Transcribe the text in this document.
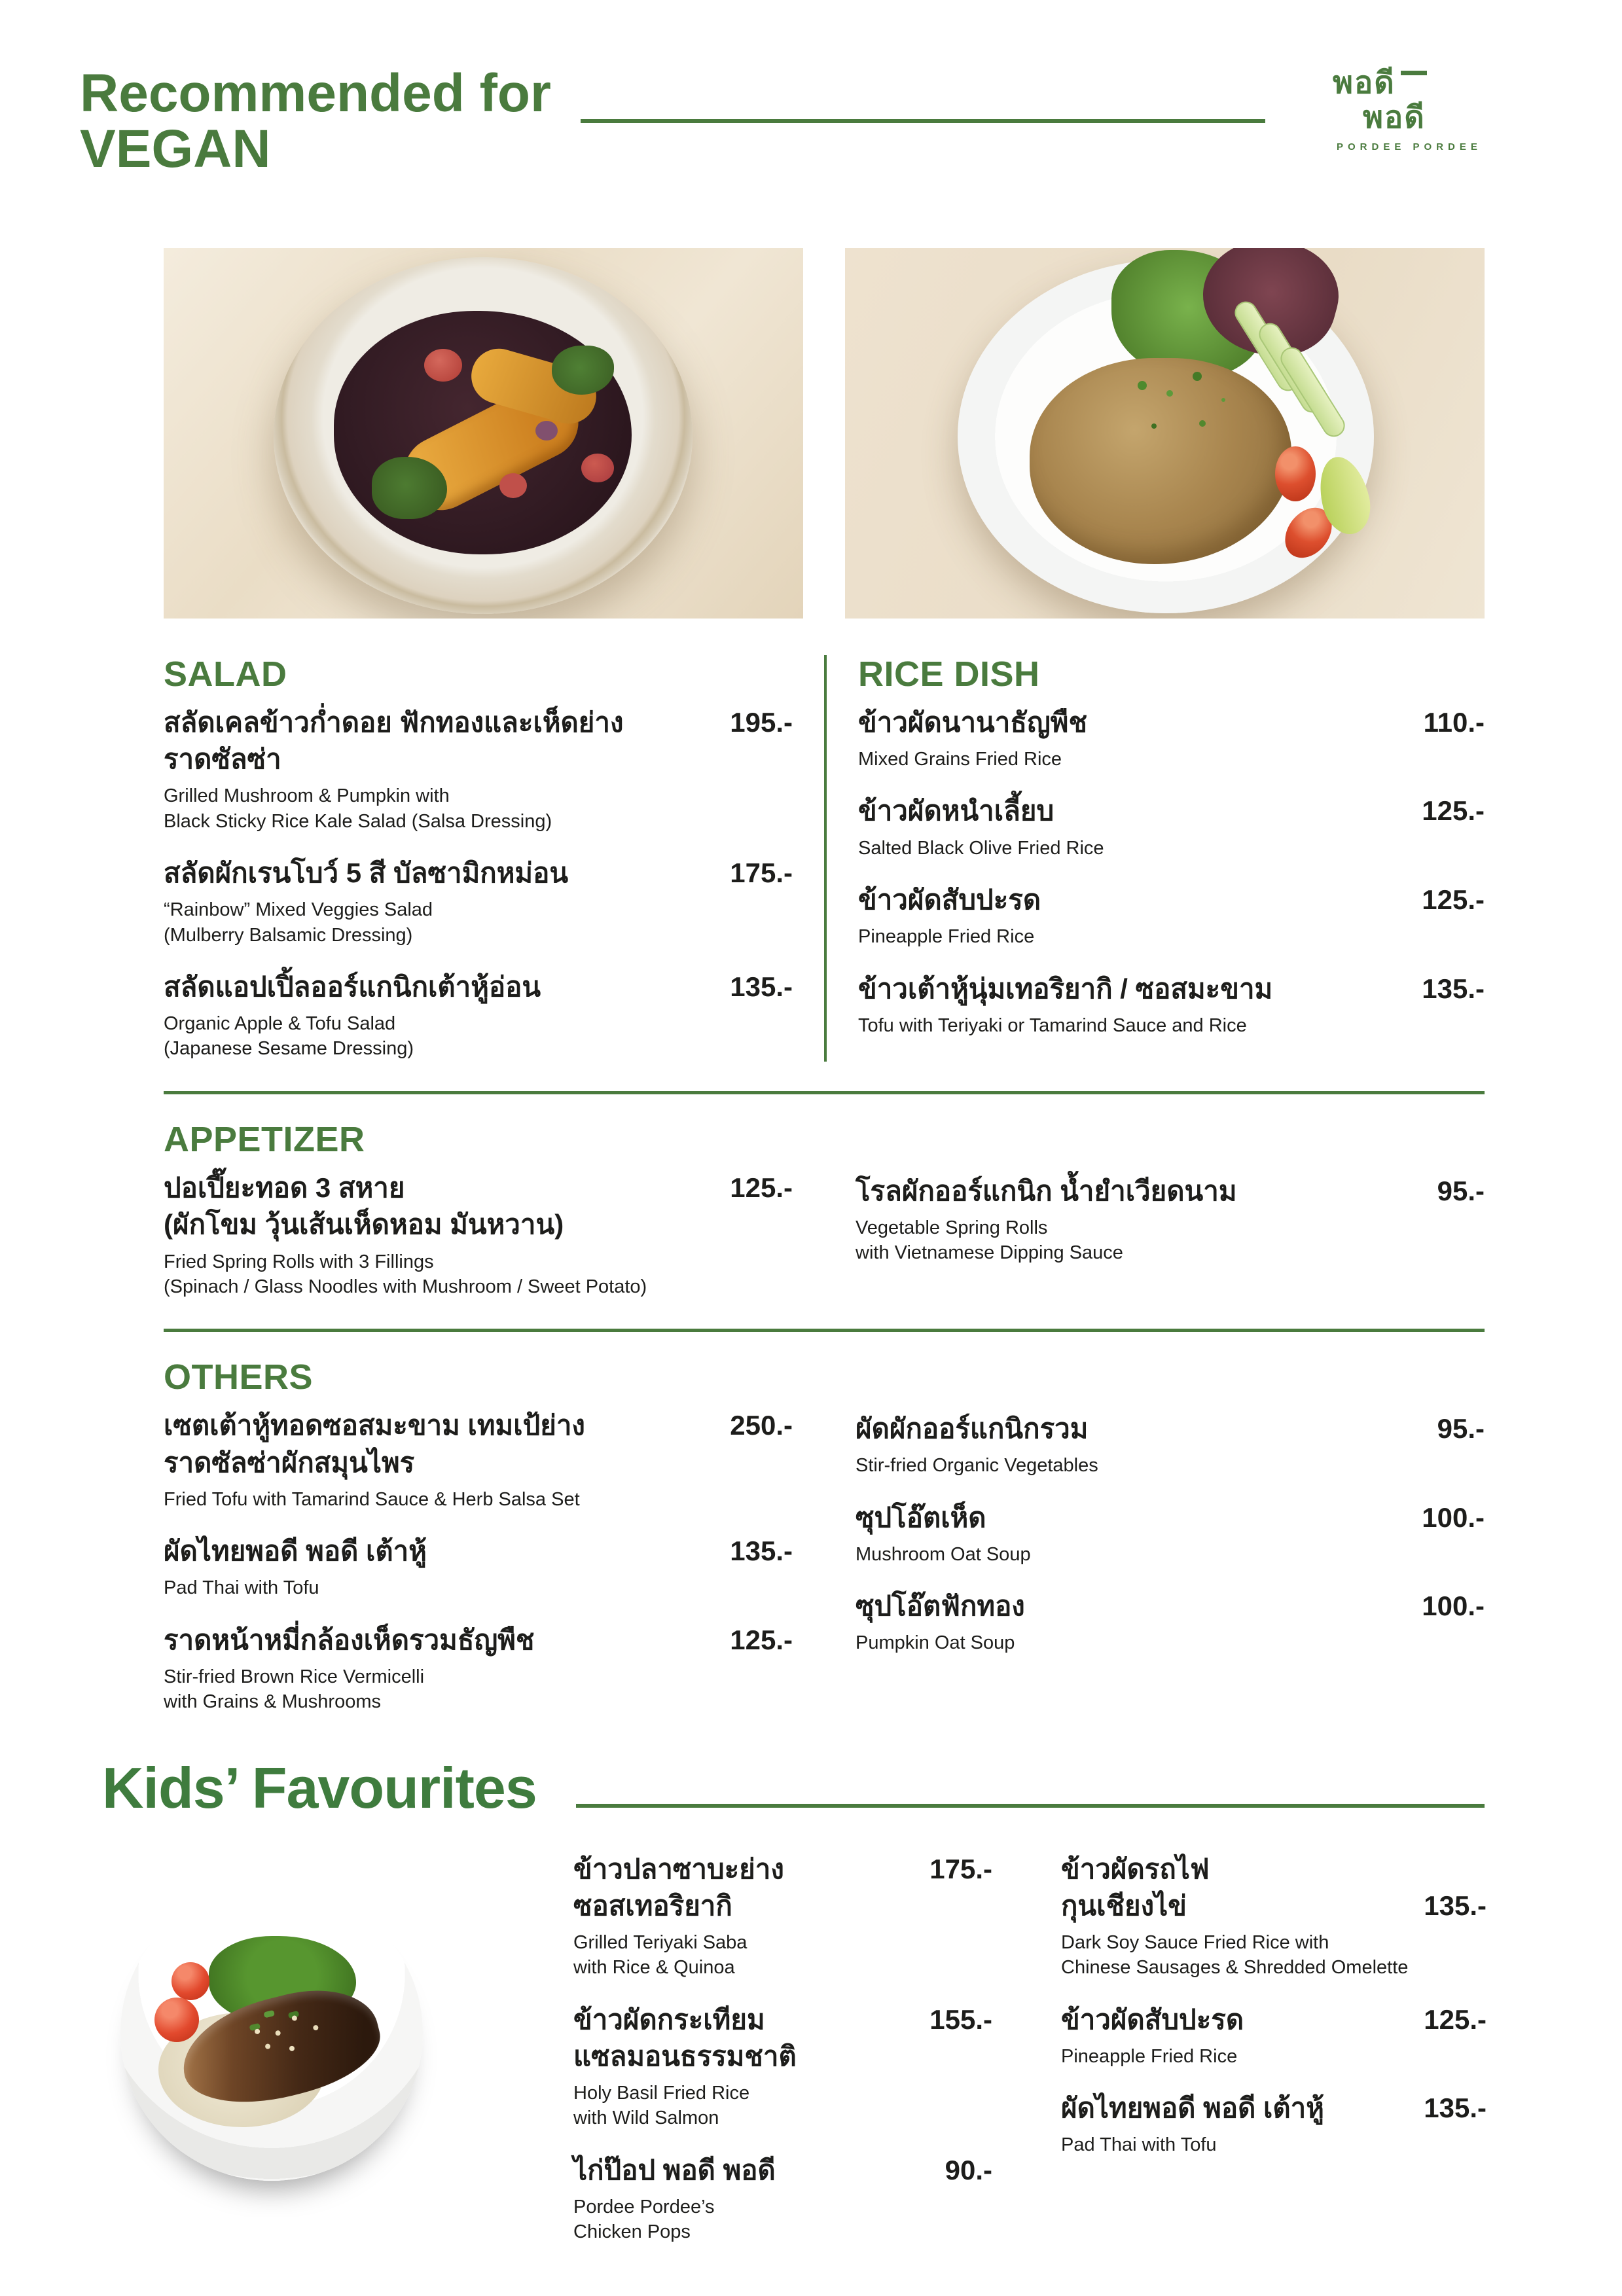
Recommended for
VEGAN
พอดี
พอดี
PORDEE PORDEE
SALAD
สลัดเคลข้าวก่ำดอย ฟักทองและเห็ดย่าง	195.-
ราดซัลซ่า
Grilled Mushroom & Pumpkin with
Black Sticky Rice Kale Salad (Salsa Dressing)
สลัดผักเรนโบว์ 5 สี บัลซามิกหม่อน	175.-
“Rainbow” Mixed Veggies Salad
(Mulberry Balsamic Dressing)
สลัดแอปเปิ้ลออร์แกนิกเต้าหู้อ่อน	135.-
Organic Apple & Tofu Salad
(Japanese Sesame Dressing)
RICE DISH
ข้าวผัดนานาธัญพืช	110.-
Mixed Grains Fried Rice
ข้าวผัดหนำเลี้ยบ	125.-
Salted Black Olive Fried Rice
ข้าวผัดสับปะรด	125.-
Pineapple Fried Rice
ข้าวเต้าหู้นุ่มเทอริยากิ / ซอสมะขาม	135.-
Tofu with Teriyaki or Tamarind Sauce and Rice
APPETIZER
ปอเปี๊ยะทอด 3 สหาย	125.-
(ผักโขม วุ้นเส้นเห็ดหอม มันหวาน)
Fried Spring Rolls with 3 Fillings
(Spinach / Glass Noodles with Mushroom / Sweet Potato)
โรลผักออร์แกนิก น้ำยำเวียดนาม	95.-
Vegetable Spring Rolls
with Vietnamese Dipping Sauce
OTHERS
เซตเต้าหู้ทอดซอสมะขาม เทมเป้ย่าง	250.-
ราดซัลซ่าผักสมุนไพร
Fried Tofu with Tamarind Sauce & Herb Salsa Set
ผัดไทยพอดี พอดี เต้าหู้	135.-
Pad Thai with Tofu
ราดหน้าหมี่กล้องเห็ดรวมธัญพืช	125.-
Stir-fried Brown Rice Vermicelli
with Grains & Mushrooms
ผัดผักออร์แกนิกรวม	95.-
Stir-fried Organic Vegetables
ซุปโอ๊ตเห็ด	100.-
Mushroom Oat Soup
ซุปโอ๊ตฟักทอง	100.-
Pumpkin Oat Soup
Kids’ Favourites
ข้าวปลาซาบะย่าง	175.-
ซอสเทอริยากิ
Grilled Teriyaki Saba
with Rice & Quinoa
ข้าวผัดกระเทียม	155.-
แซลมอนธรรมชาติ
Holy Basil Fried Rice
with Wild Salmon
ไก่ป๊อป พอดี พอดี	90.-
Pordee Pordee’s
Chicken Pops
ข้าวผัดรถไฟ
กุนเชียงไข่	135.-
Dark Soy Sauce Fried Rice with
Chinese Sausages & Shredded Omelette
ข้าวผัดสับปะรด	125.-
Pineapple Fried Rice
ผัดไทยพอดี พอดี เต้าหู้	135.-
Pad Thai with Tofu
